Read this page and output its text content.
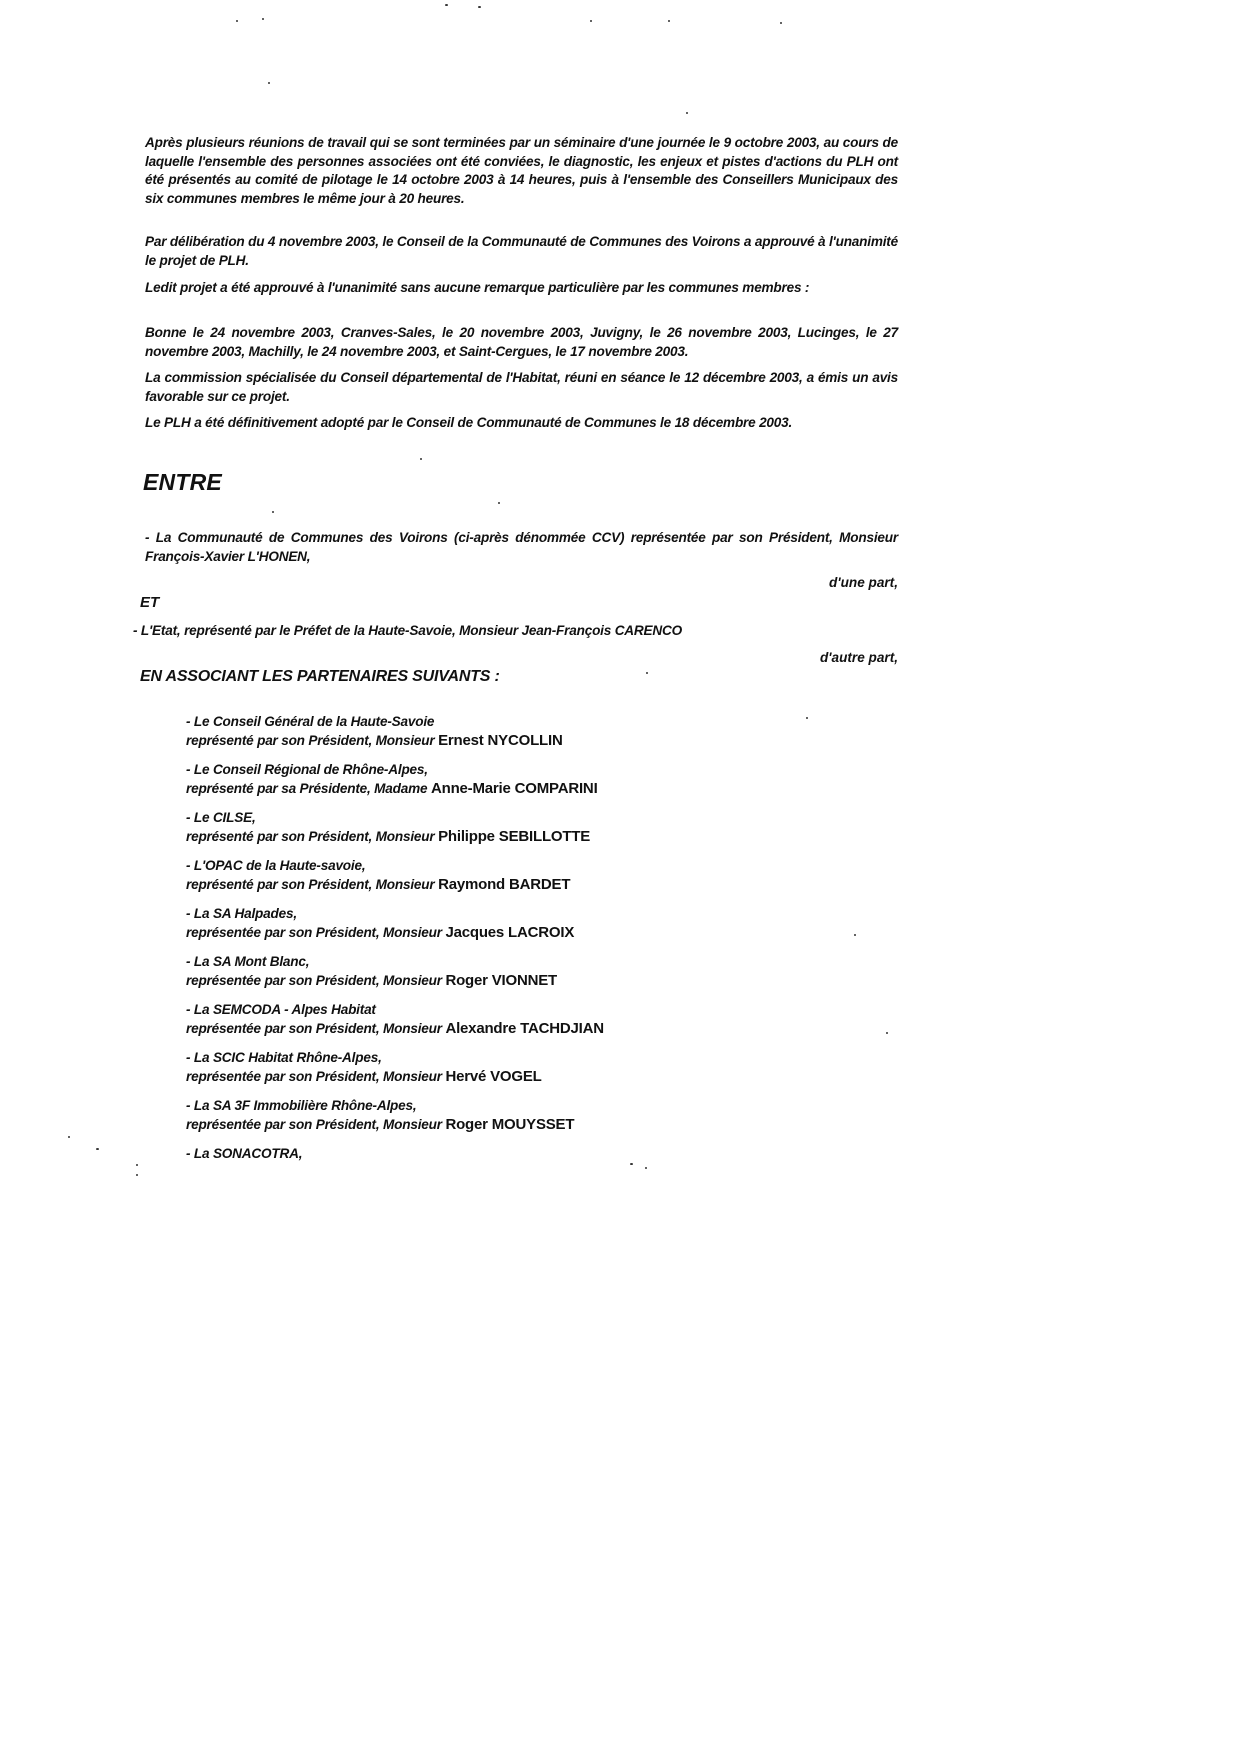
Après plusieurs réunions de travail qui se sont terminées par un séminaire d'une journée le 9 octobre 2003, au cours de laquelle l'ensemble des personnes associées ont été conviées, le diagnostic, les enjeux et pistes d'actions du PLH ont été présentés au comité de pilotage le 14 octobre 2003 à 14 heures, puis à l'ensemble des Conseillers Municipaux des six communes membres le même jour à 20 heures.

Par délibération du 4 novembre 2003, le Conseil de la Communauté de Communes des Voirons a approuvé à l'unanimité le projet de PLH.

Ledit projet a été approuvé à l'unanimité sans aucune remarque particulière par les communes membres :

Bonne le 24 novembre 2003, Cranves-Sales, le 20 novembre 2003, Juvigny, le 26 novembre 2003, Lucinges, le 27 novembre 2003, Machilly, le 24 novembre 2003, et Saint-Cergues, le 17 novembre 2003.

La commission spécialisée du Conseil départemental de l'Habitat, réuni en séance le 12 décembre 2003, a émis un avis favorable sur ce projet.

Le PLH a été définitivement adopté par le Conseil de Communauté de Communes le 18 décembre 2003.

ENTRE

- La Communauté de Communes des Voirons (ci-après dénommée CCV) représentée par son Président, Monsieur François-Xavier L'HONEN,

d'une part,

ET

- L'Etat, représenté par le Préfet de la Haute-Savoie, Monsieur Jean-François CARENCO

d'autre part,

EN ASSOCIANT LES PARTENAIRES SUIVANTS :
- Le Conseil Général de la Haute-Savoie
représenté par son Président, Monsieur Ernest NYCOLLIN
- Le Conseil Régional de Rhône-Alpes,
représenté par sa Présidente, Madame Anne-Marie COMPARINI
- Le CILSE,
représenté par son Président, Monsieur Philippe SEBILLOTTE
- L'OPAC de la Haute-savoie,
représenté par son Président, Monsieur Raymond BARDET
- La SA Halpades,
représentée par son Président, Monsieur Jacques LACROIX
- La SA Mont Blanc,
représentée par son Président, Monsieur Roger VIONNET
- La SEMCODA - Alpes Habitat
représentée par son Président, Monsieur Alexandre TACHDJIAN
- La SCIC Habitat Rhône-Alpes,
représentée par son Président, Monsieur Hervé VOGEL
- La SA 3F Immobilière Rhône-Alpes,
représentée par son Président, Monsieur Roger MOUYSSET
- La SONACOTRA,
